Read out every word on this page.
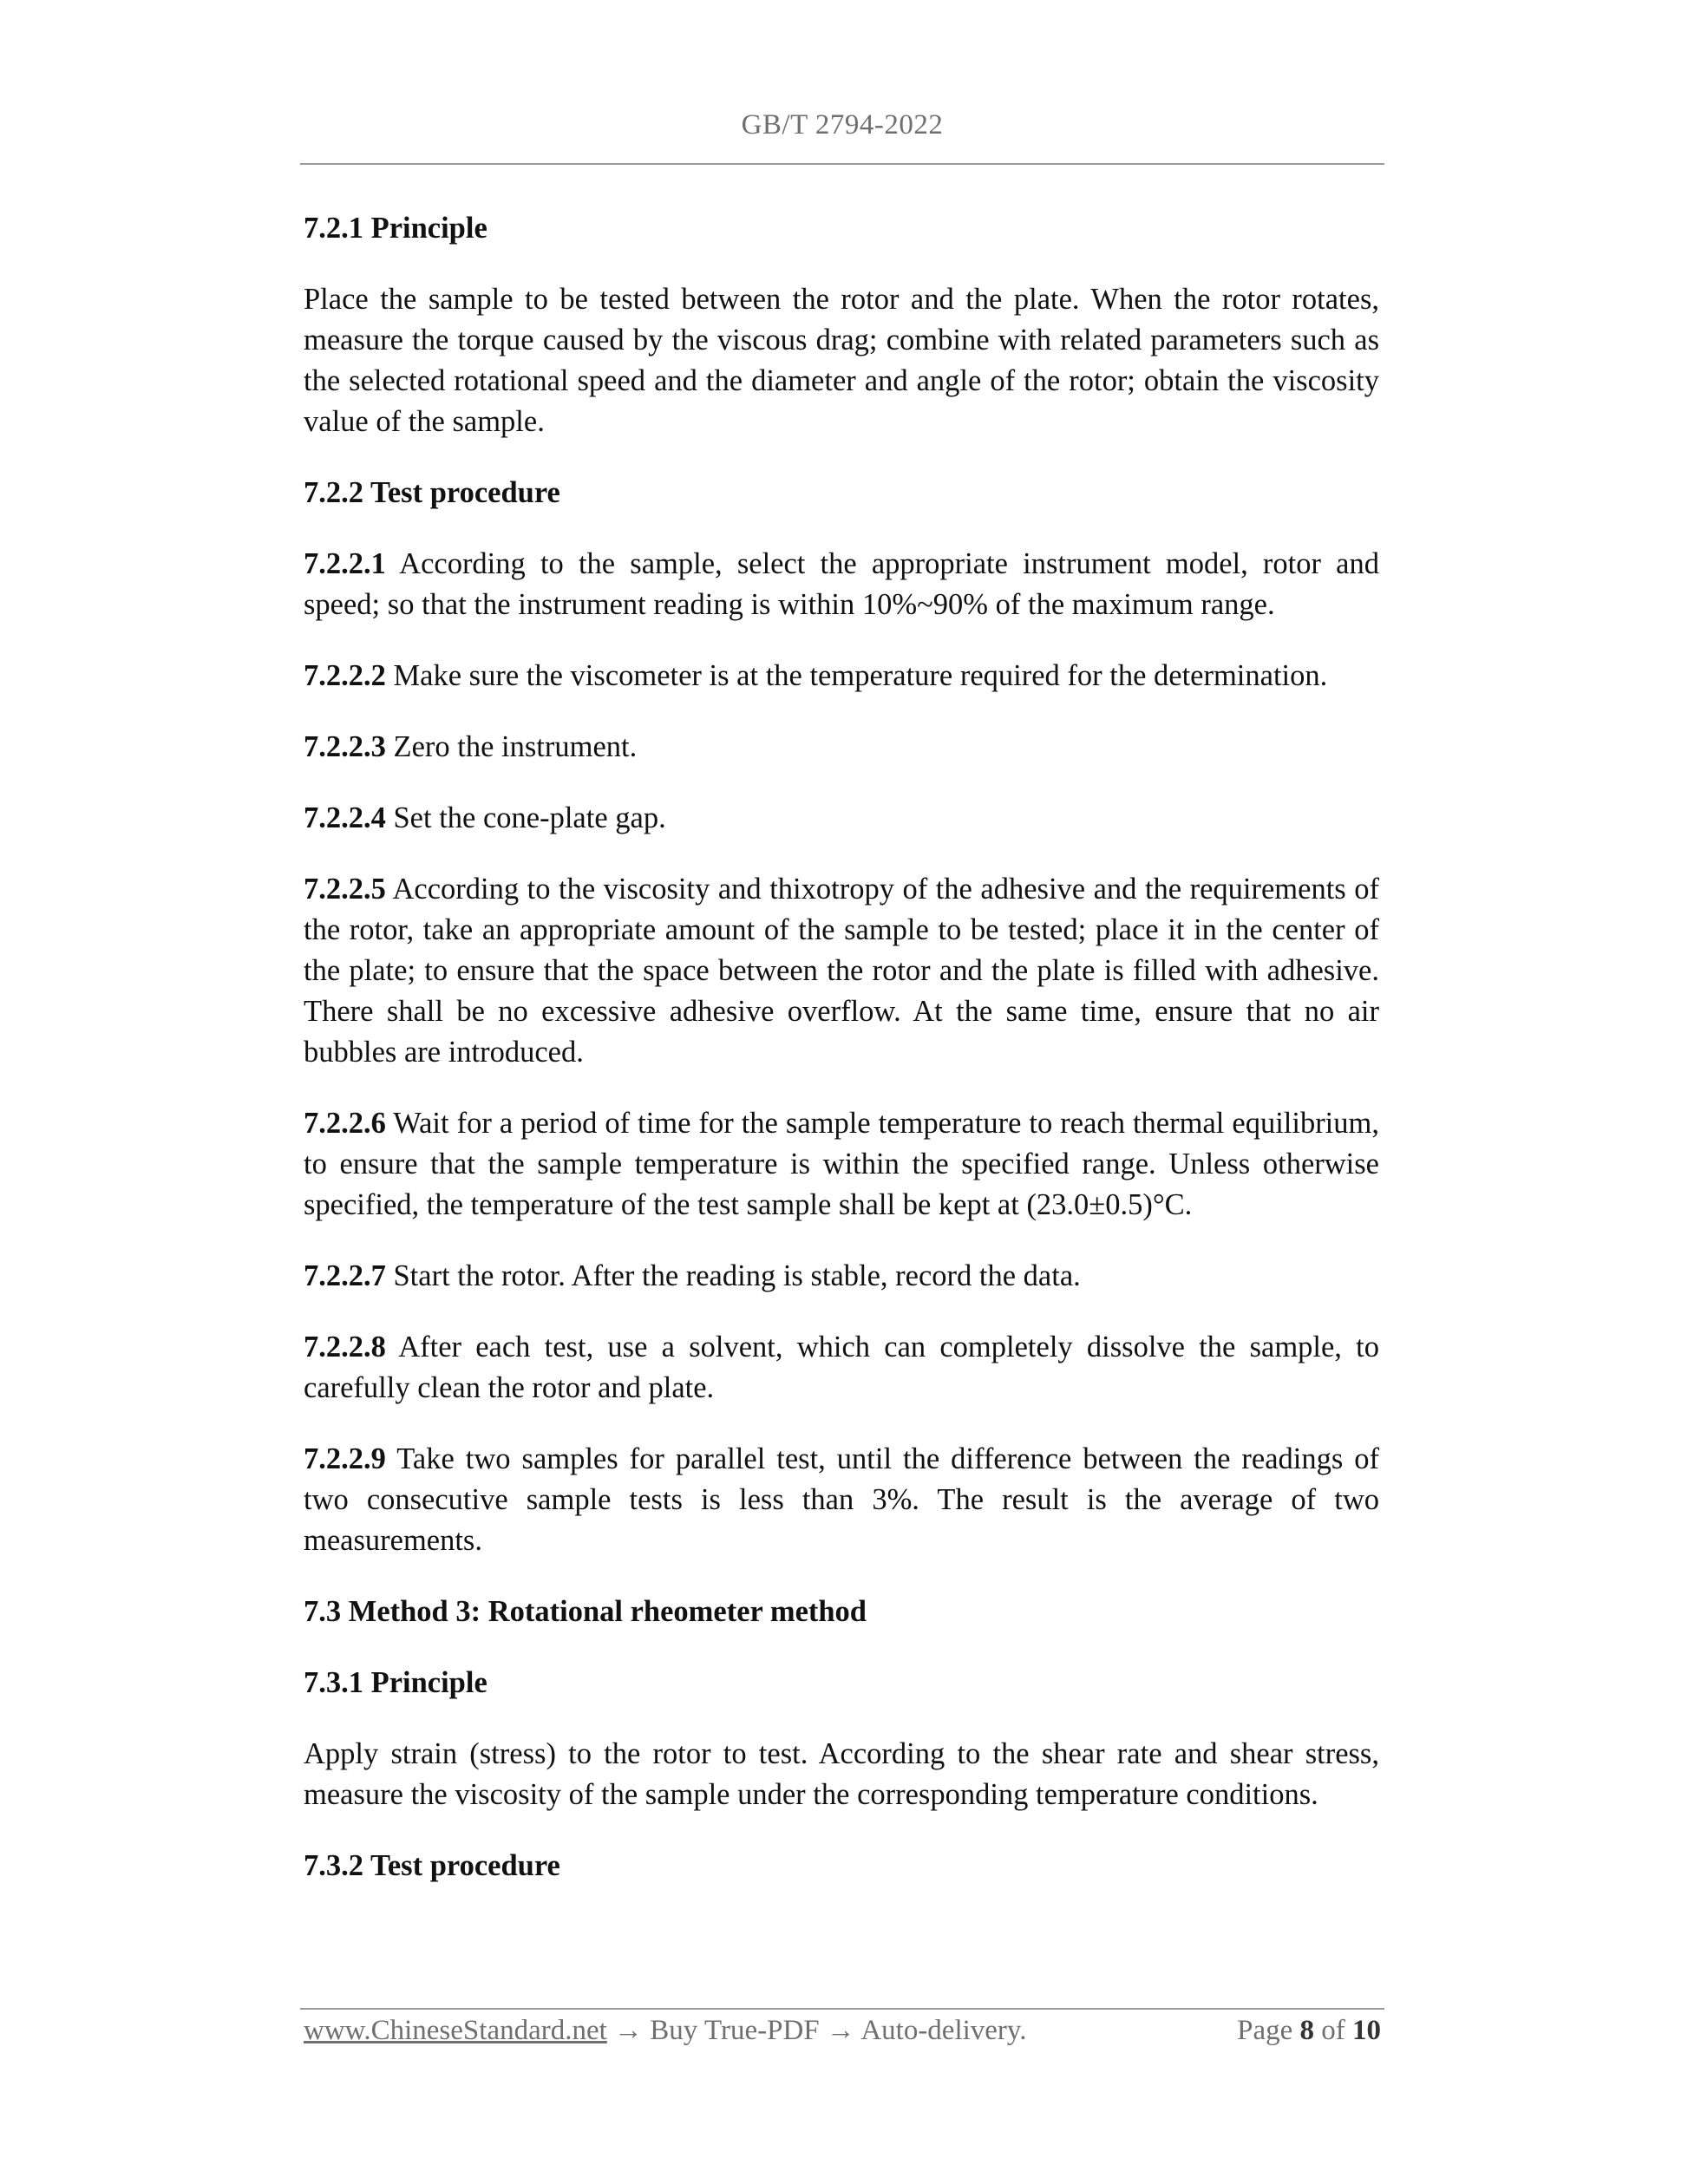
GB/T 2794-2022
7.2.1 Principle

Place the sample to be tested between the rotor and the plate. When the rotor rotates, measure the torque caused by the viscous drag; combine with related parameters such as the selected rotational speed and the diameter and angle of the rotor; obtain the viscosity value of the sample.

7.2.2 Test procedure

7.2.2.1 According to the sample, select the appropriate instrument model, rotor and speed; so that the instrument reading is within 10%~90% of the maximum range.

7.2.2.2 Make sure the viscometer is at the temperature required for the determination.

7.2.2.3 Zero the instrument.

7.2.2.4 Set the cone-plate gap.

7.2.2.5 According to the viscosity and thixotropy of the adhesive and the requirements of the rotor, take an appropriate amount of the sample to be tested; place it in the center of the plate; to ensure that the space between the rotor and the plate is filled with adhesive. There shall be no excessive adhesive overflow. At the same time, ensure that no air bubbles are introduced.

7.2.2.6 Wait for a period of time for the sample temperature to reach thermal equilibrium, to ensure that the sample temperature is within the specified range. Unless otherwise specified, the temperature of the test sample shall be kept at (23.0±0.5)°C.

7.2.2.7 Start the rotor. After the reading is stable, record the data.

7.2.2.8 After each test, use a solvent, which can completely dissolve the sample, to carefully clean the rotor and plate.

7.2.2.9 Take two samples for parallel test, until the difference between the readings of two consecutive sample tests is less than 3%. The result is the average of two measurements.

7.3 Method 3: Rotational rheometer method
7.3.1 Principle

Apply strain (stress) to the rotor to test. According to the shear rate and shear stress, measure the viscosity of the sample under the corresponding temperature conditions.

7.3.2 Test procedure
www.ChineseStandard.net → Buy True-PDF → Auto-delivery.	Page 8 of 10
